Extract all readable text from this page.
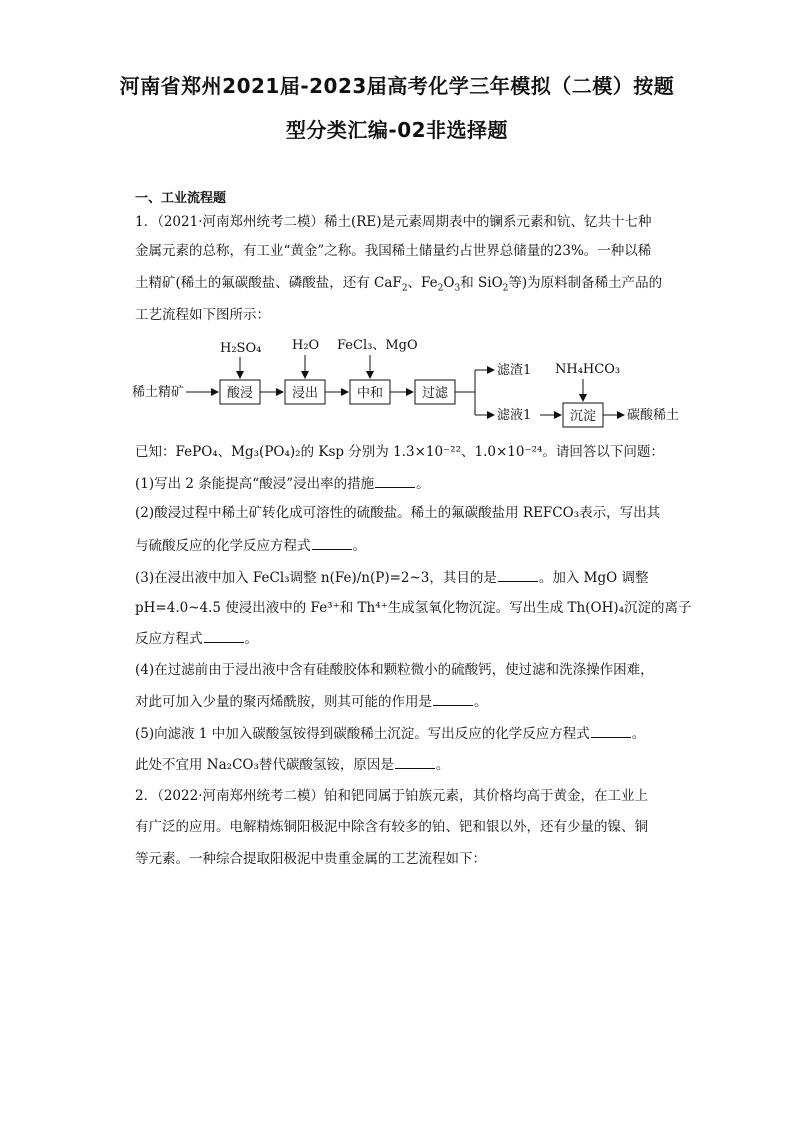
河南省郑州2021届-2023届高考化学三年模拟（二模）按题
型分类汇编-02非选择题
一、工业流程题
1．（2021·河南郑州统考二模）稀土(RE)是元素周期表中的镧系元素和钪、钇共十七种
金属元素的总称，有工业“黄金”之称。我国稀土储量约占世界总储量的23%。一种以稀
土精矿(稀土的氟碳酸盐、磷酸盐，还有 CaF$_2$、$Fe_2O_3$和 SiO$_2$等)为原料制备稀土产品的
工艺流程如下图所示：
稀土精矿	酸浸	浸出	中和	过滤
H₂SO₄ H₂O FeCl₃、MgO
滤渣1
滤液1	沉淀
NH₄HCO₃
碳酸稀土
已知：FePO₄、Mg₃(PO₄)₂的 Ksp 分别为 1.3×10⁻²²、1.0×10⁻²⁴。请回答以下问题：
(1)写出 2 条能提高“酸浸”浸出率的措施	。
(2)酸浸过程中稀土矿转化成可溶性的硫酸盐。稀土的氟碳酸盐用 REFCO₃表示，写出其
与硫酸反应的化学反应方程式	。
(3)在浸出液中加入 FeCl₃调整 n(Fe)/n(P)=2~3，其目的是	。加入 MgO 调整
pH=4.0~4.5 使浸出液中的 Fe³⁺和 Th⁴⁺生成氢氧化物沉淀。写出生成 Th(OH)₄沉淀的离子
反应方程式	。
(4)在过滤前由于浸出液中含有硅酸胶体和颗粒微小的硫酸钙，使过滤和洗涤操作困难，
对此可加入少量的聚丙烯酰胺，则其可能的作用是	。
(5)向滤液 1 中加入碳酸氢铵得到碳酸稀土沉淀。写出反应的化学反应方程式	。
此处不宜用 Na₂CO₃替代碳酸氢铵，原因是	。
2．（2022·河南郑州统考二模）铂和钯同属于铂族元素，其价格均高于黄金，在工业上
有广泛的应用。电解精炼铜阳极泥中除含有较多的铂、钯和银以外，还有少量的镍、铜
等元素。一种综合提取阳极泥中贵重金属的工艺流程如下：
